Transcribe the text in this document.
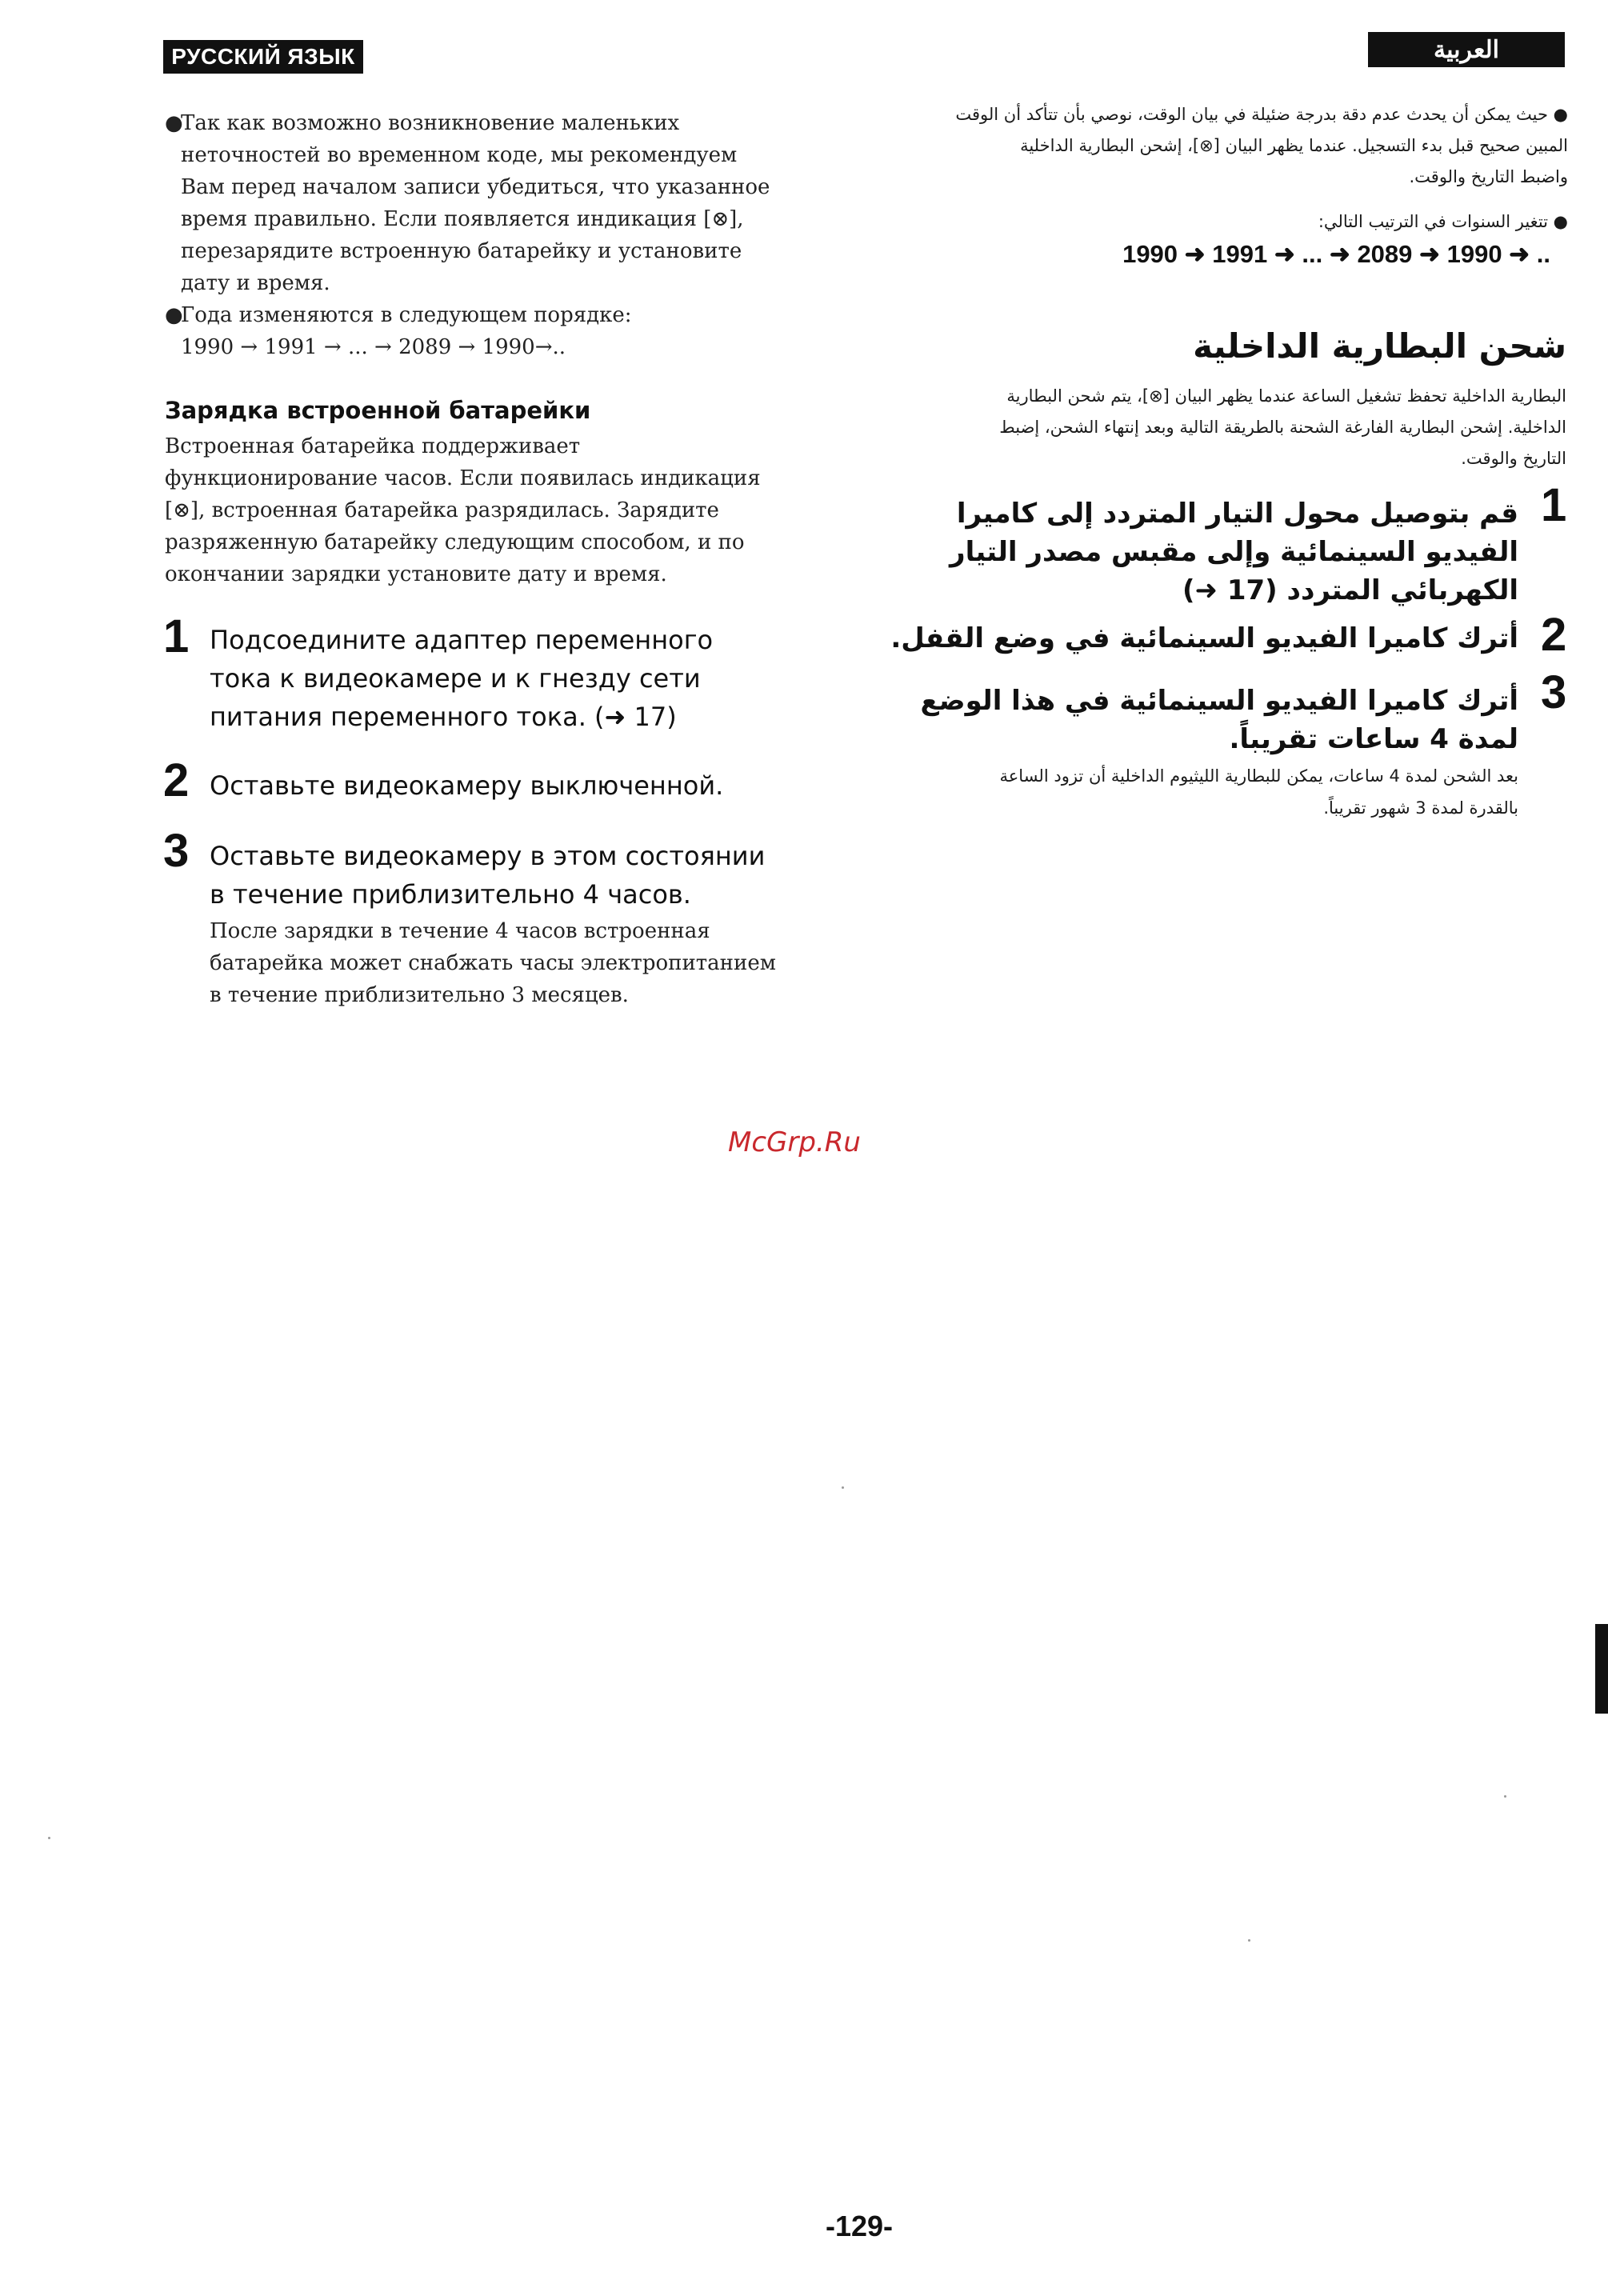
РУССКИЙ ЯЗЫК	العربية
●
Так как возможно возникновение маленьких
неточностей во временном коде, мы рекомендуем
Вам перед началом записи убедиться, что указанное
время правильно. Если появляется индикация [⊗],
перезарядите встроенную батарейку и установите
дату и время.
●
Года изменяются в следующем порядке:
1990 → 1991 → ... → 2089 → 1990→..
Зарядка встроенной батарейки
Встроенная батарейка поддерживает
функционирование часов. Если появилась индикация
[⊗], встроенная батарейка разрядилась. Зарядите
разряженную батарейку следующим способом, и по
окончании зарядки установите дату и время.
1 Подсоедините адаптер переменного
тока к видеокамере и к гнезду сети
питания переменного тока. (➜ 17)
2 Оставьте видеокамеру выключенной.
3 Оставьте видеокамеру в этом состоянии
в течение приблизительно 4 часов.
После зарядки в течение 4 часов встроенная
батарейка может снабжать часы электропитанием
в течение приблизительно 3 месяцев.
● حيث يمكن أن يحدث عدم دقة بدرجة ضئيلة في بيان الوقت، نوصي بأن تتأكد أن الوقت
المبين صحيح قبل بدء التسجيل. عندما يظهر البيان [⊗]، إشحن البطارية الداخلية
واضبط التاريخ والوقت.
● تتغير السنوات في الترتيب التالي:
1990 ➜ 1991 ➜ ... ➜ 2089 ➜ 1990 ➜ ..
شحن البطارية الداخلية
البطارية الداخلية تحفظ تشغيل الساعة عندما يظهر البيان [⊗]، يتم شحن البطارية
الداخلية. إشحن البطارية الفارغة الشحنة بالطريقة التالية وبعد إنتهاء الشحن، إضبط
التاريخ والوقت.
1
قم بتوصيل محول التيار المتردد إلى كاميرا
الفيديو السينمائية وإلى مقبس مصدر التيار
الكهربائي المتردد (17 ➜)
2
أترك كاميرا الفيديو السينمائية في وضع القفل.
3
أترك كاميرا الفيديو السينمائية في هذا الوضع
لمدة 4 ساعات تقريباً.
بعد الشحن لمدة 4 ساعات، يمكن للبطارية الليثيوم الداخلية أن تزود الساعة
بالقدرة لمدة 3 شهور تقريباً.
McGrp.Ru
-129-
